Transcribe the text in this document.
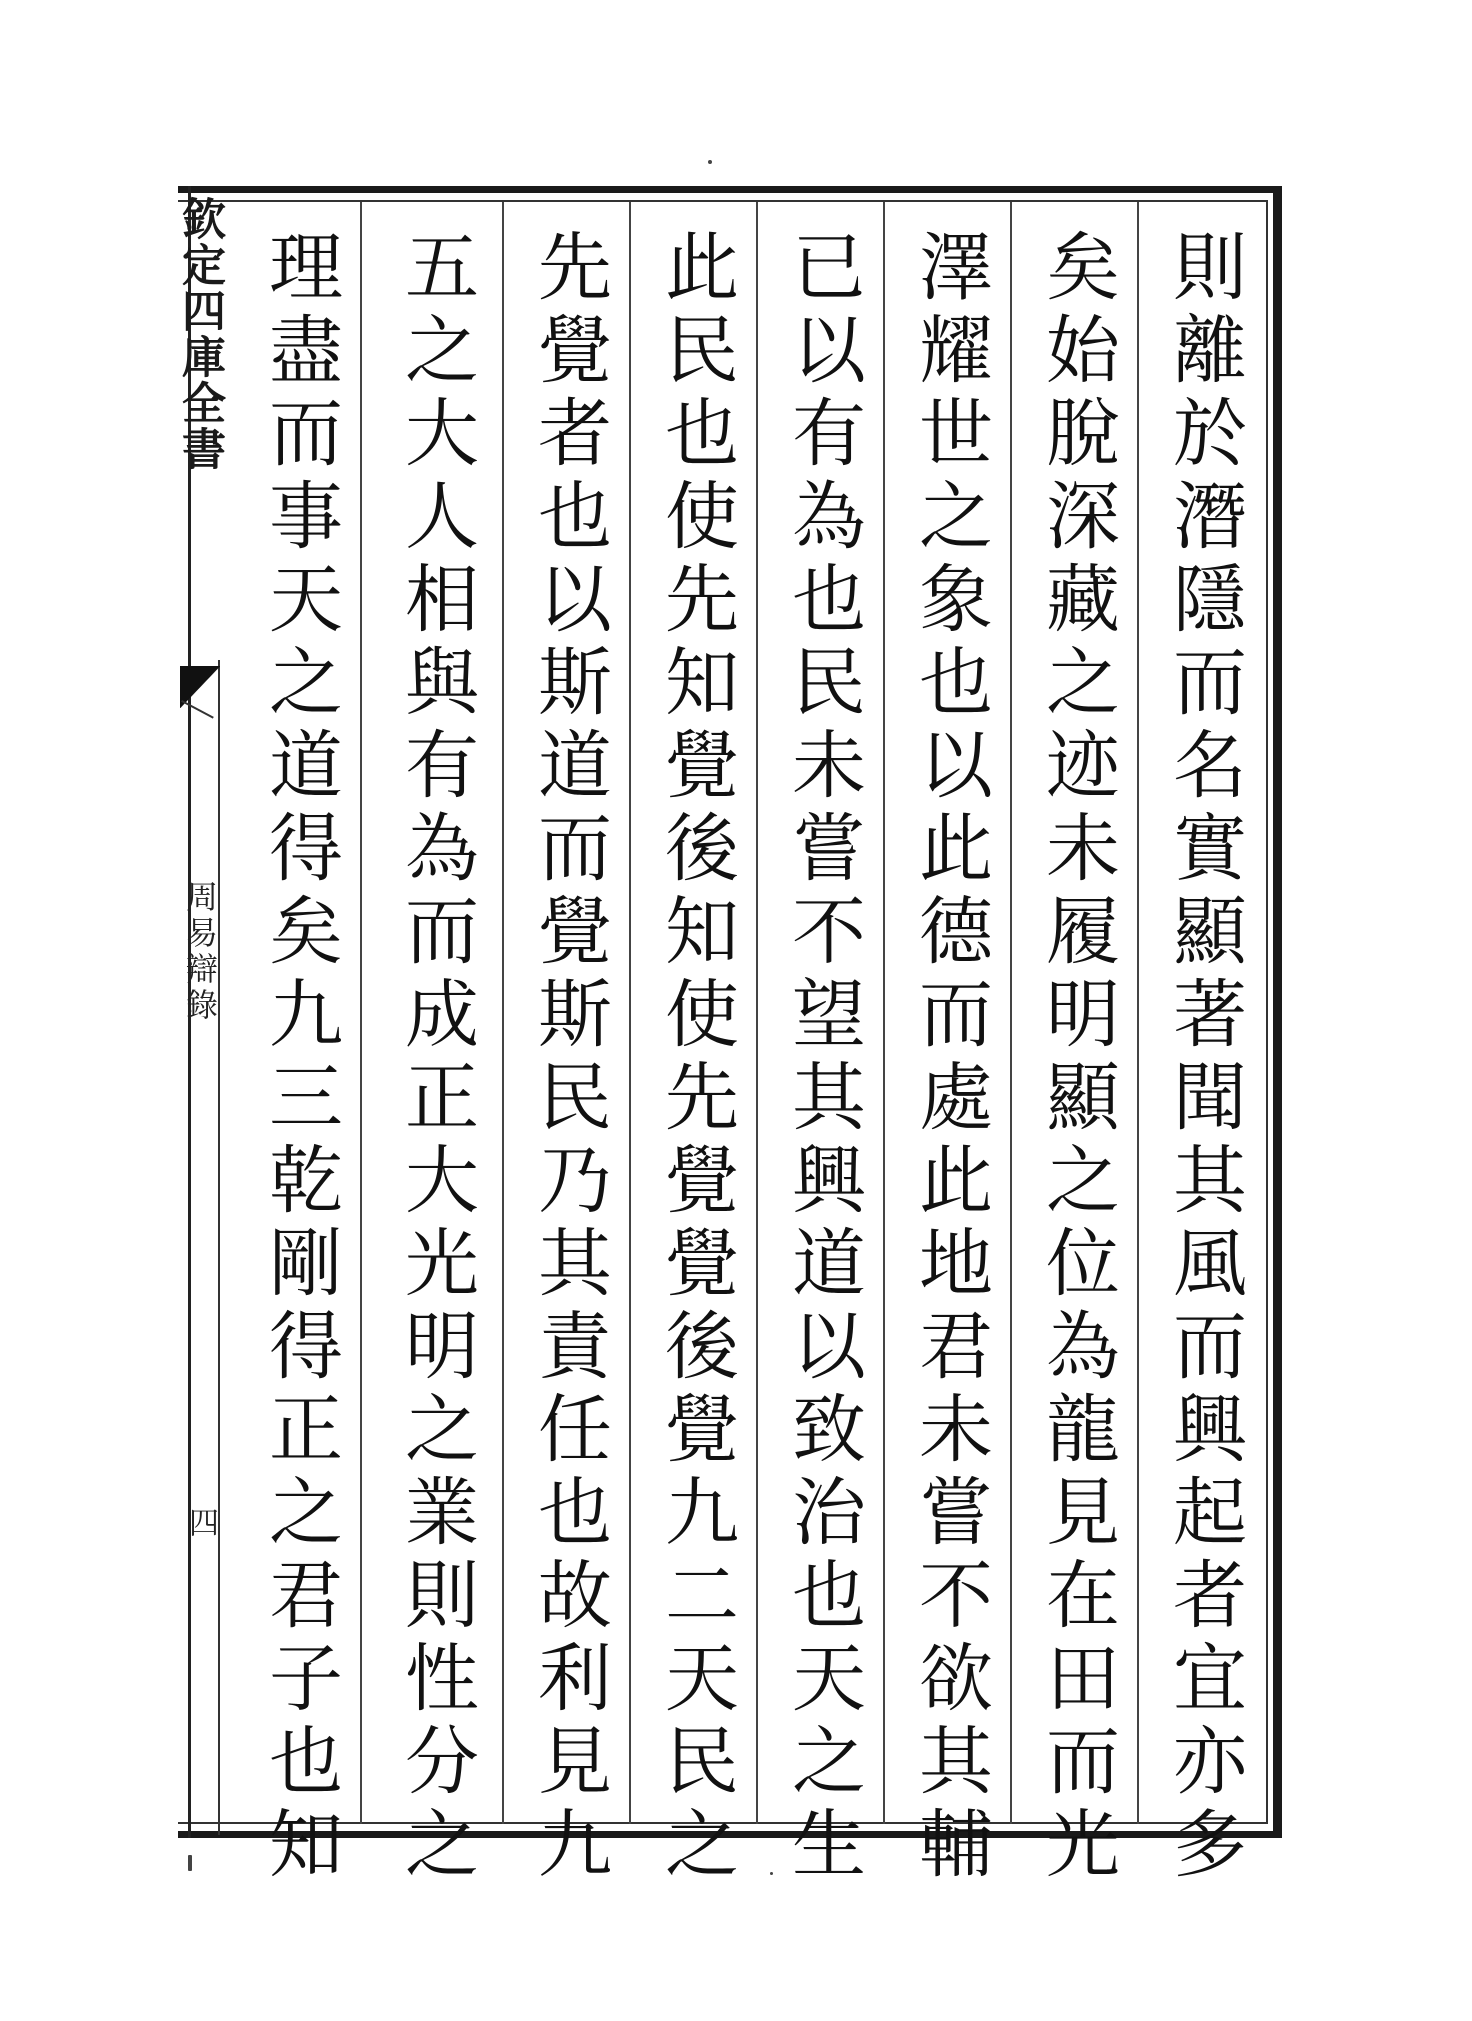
欽定四庫全書
周易辯錄
四	則離於潛隱而名實顯著聞其風而興起者宜亦多
矣始脫深藏之迹未履明顯之位為龍見在田而光
澤耀世之象也以此德而處此地君未嘗不欲其輔
已以有為也民未嘗不望其興道以致治也天之生
此民也使先知覺後知使先覺覺後覺九二天民之
先覺者也以斯道而覺斯民乃其責任也故利見九
五之大人相與有為而成正大光明之業則性分之
理盡而事天之道得矣九三乾剛得正之君子也知
